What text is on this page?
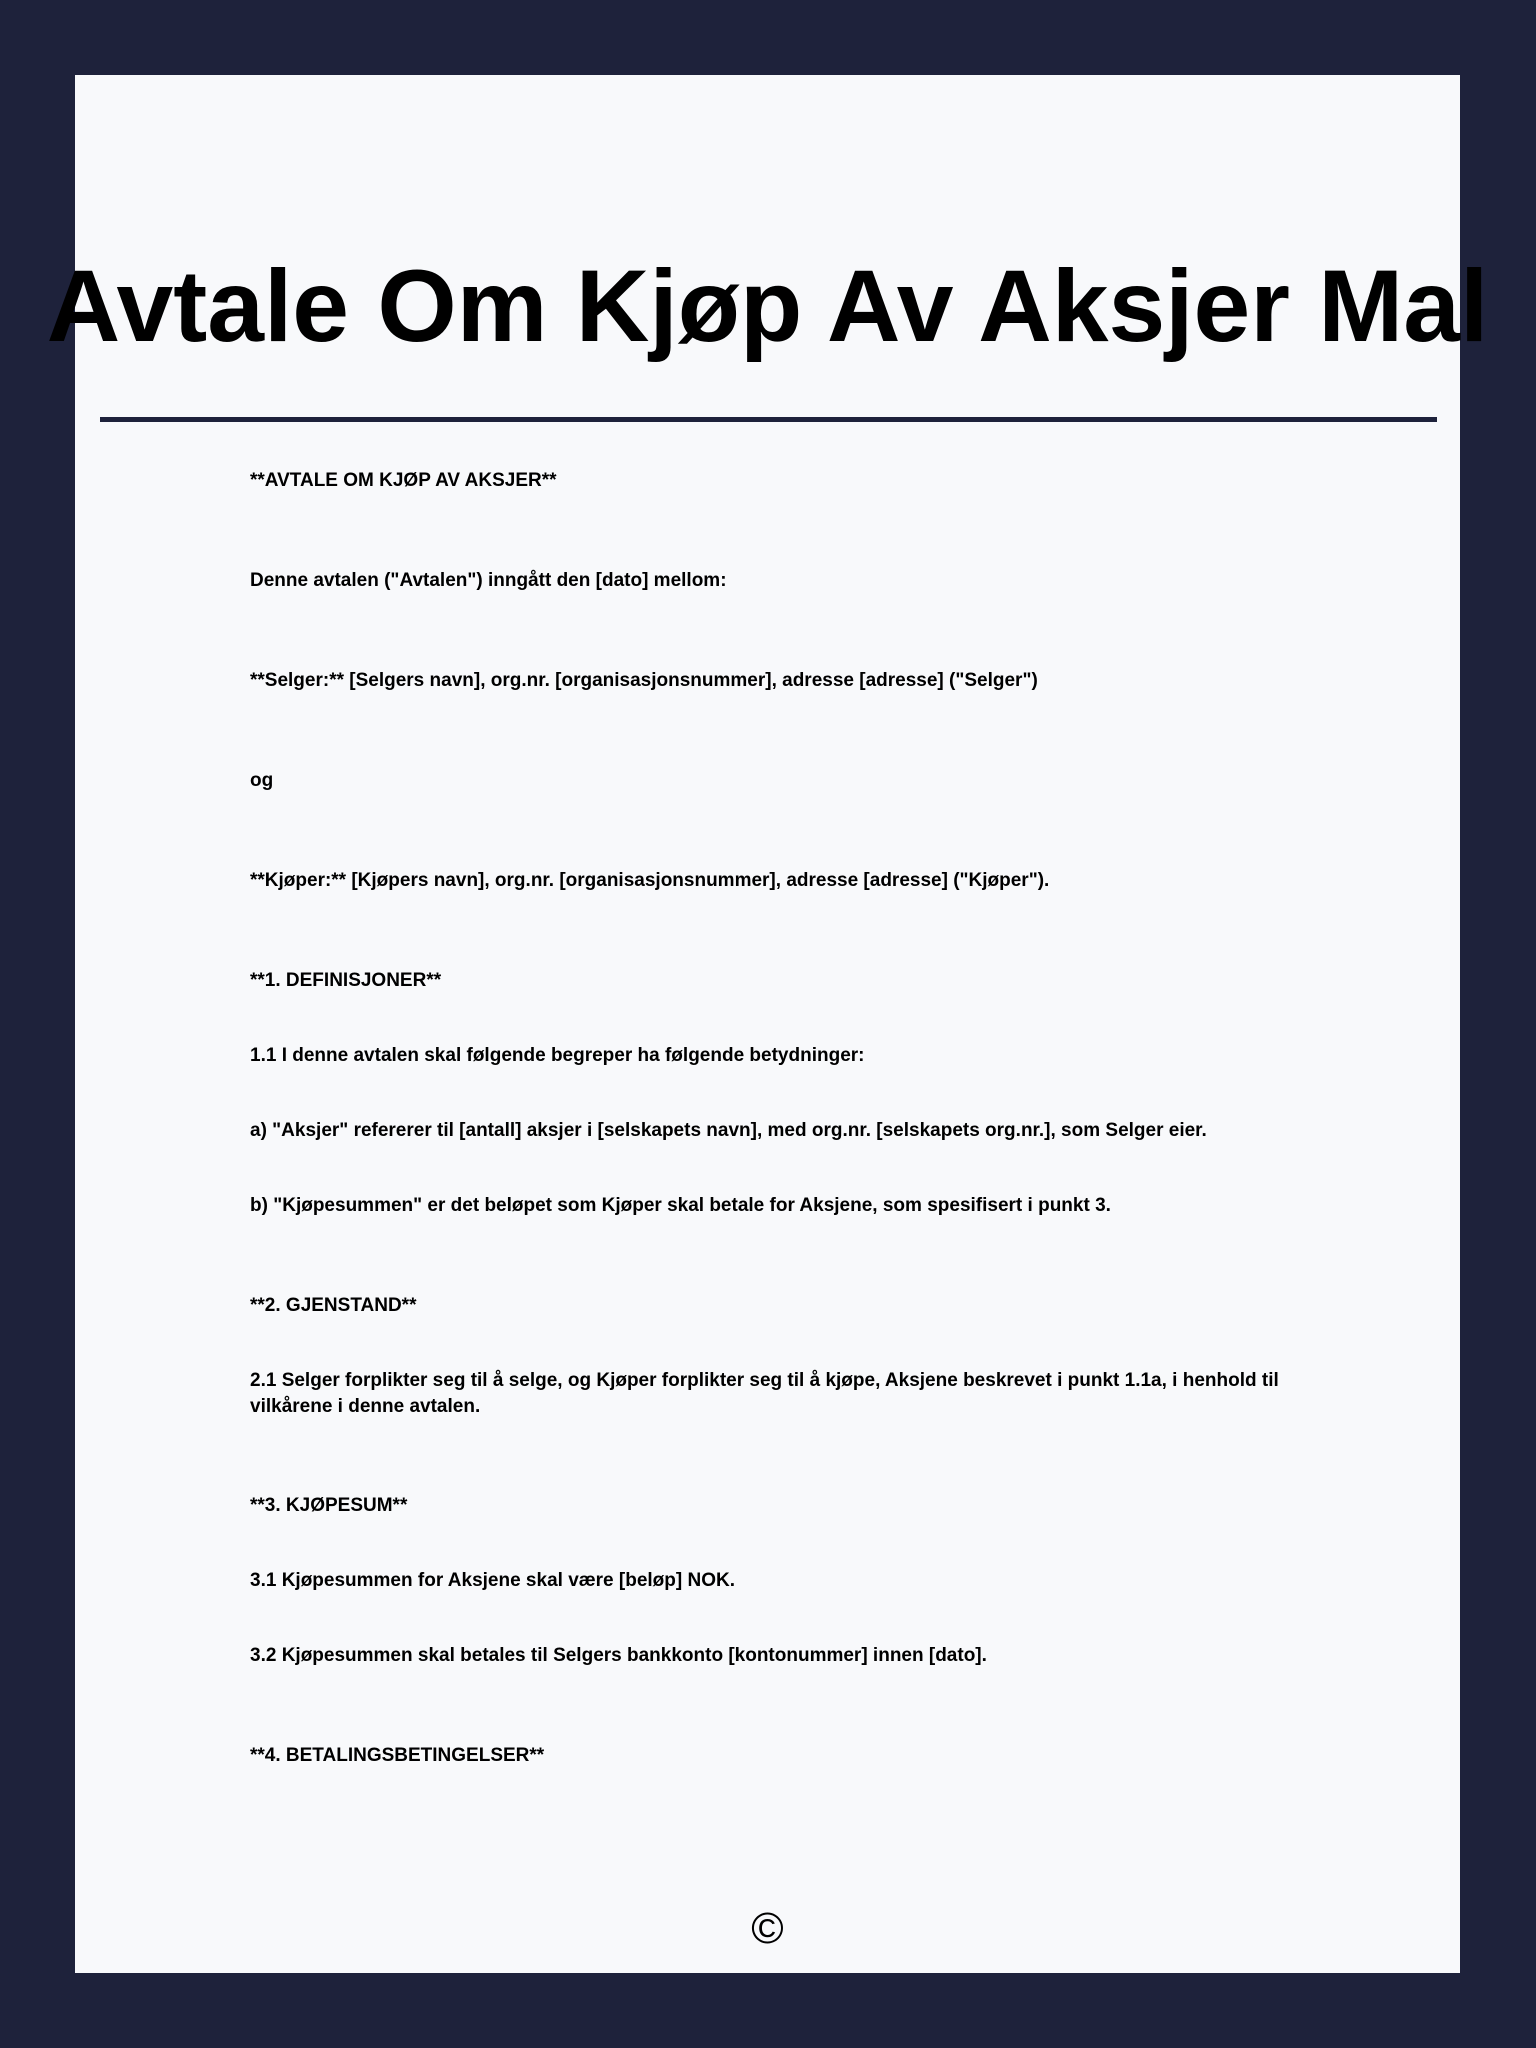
Avtale Om Kjøp Av Aksjer Mal

**AVTALE OM KJØP AV AKSJER**

Denne avtalen ("Avtalen") inngått den [dato] mellom:

**Selger:** [Selgers navn], org.nr. [organisasjonsnummer], adresse [adresse] ("Selger")

og

**Kjøper:** [Kjøpers navn], org.nr. [organisasjonsnummer], adresse [adresse] ("Kjøper").

**1. DEFINISJONER**

1.1 I denne avtalen skal følgende begreper ha følgende betydninger:

a) "Aksjer" refererer til [antall] aksjer i [selskapets navn], med org.nr. [selskapets org.nr.], som Selger eier.

b) "Kjøpesummen" er det beløpet som Kjøper skal betale for Aksjene, som spesifisert i punkt 3.

**2. GJENSTAND**

2.1 Selger forplikter seg til å selge, og Kjøper forplikter seg til å kjøpe, Aksjene beskrevet i punkt 1.1a, i henhold til vilkårene i denne avtalen.

**3. KJØPESUM**

3.1 Kjøpesummen for Aksjene skal være [beløp] NOK.

3.2 Kjøpesummen skal betales til Selgers bankkonto [kontonummer] innen [dato].

**4. BETALINGSBETINGELSER**

©
